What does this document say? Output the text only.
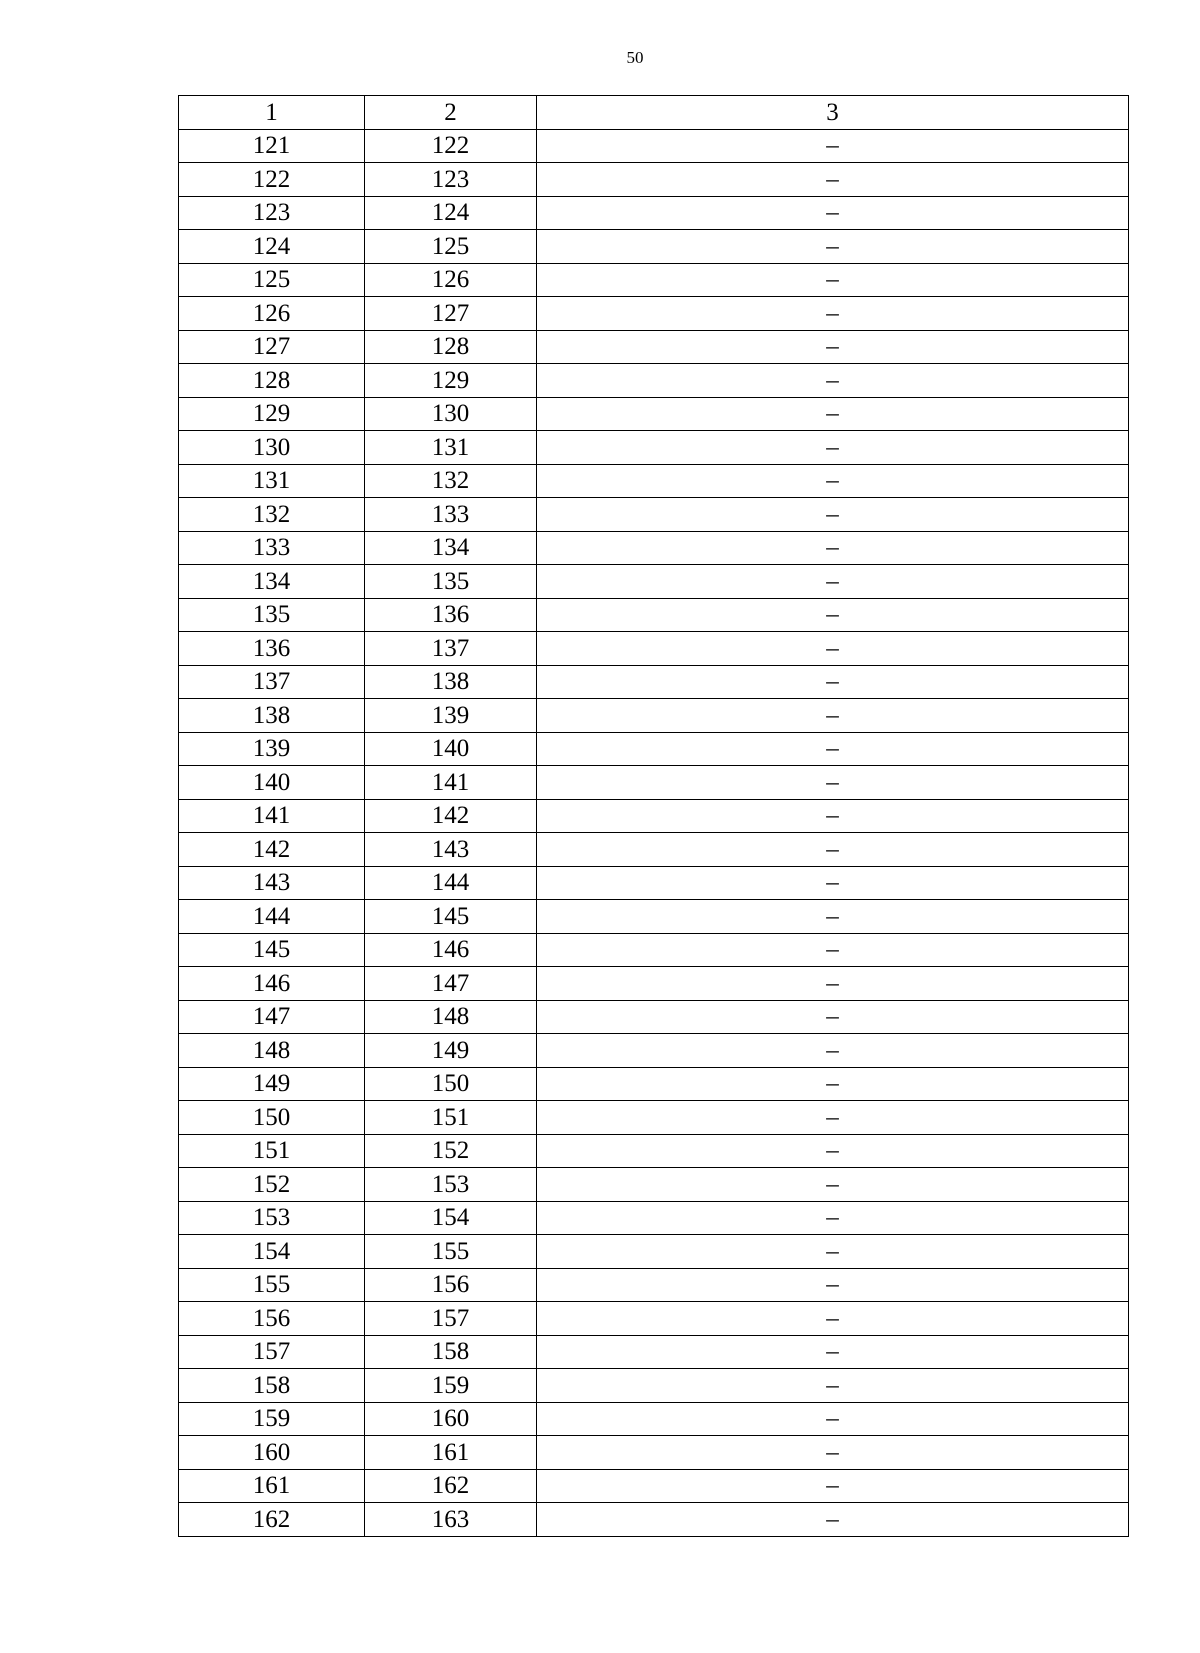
50
1	2	3
121	122	–
122	123	–
123	124	–
124	125	–
125	126	–
126	127	–
127	128	–
128	129	–
129	130	–
130	131	–
131	132	–
132	133	–
133	134	–
134	135	–
135	136	–
136	137	–
137	138	–
138	139	–
139	140	–
140	141	–
141	142	–
142	143	–
143	144	–
144	145	–
145	146	–
146	147	–
147	148	–
148	149	–
149	150	–
150	151	–
151	152	–
152	153	–
153	154	–
154	155	–
155	156	–
156	157	–
157	158	–
158	159	–
159	160	–
160	161	–
161	162	–
162	163	–
